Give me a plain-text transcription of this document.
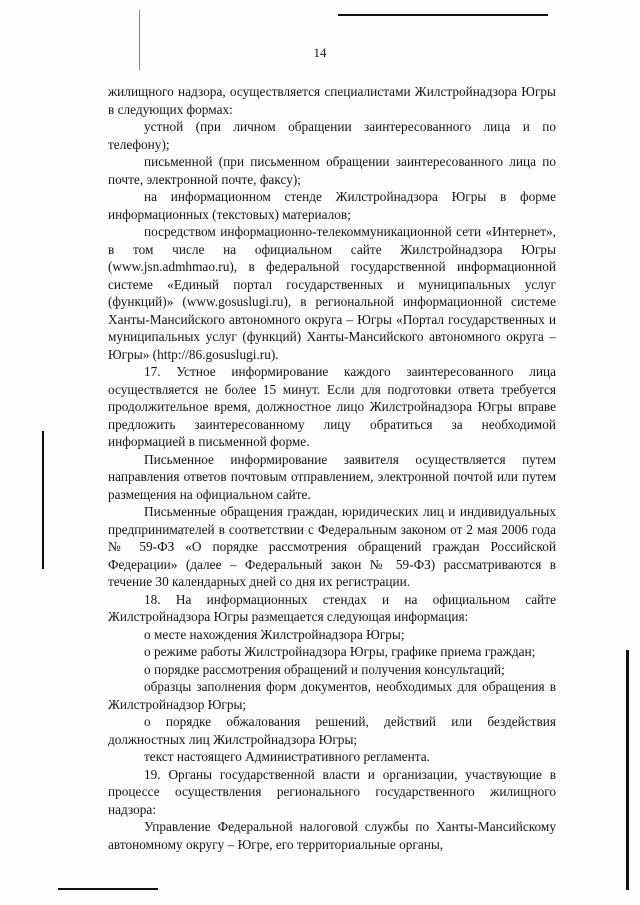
14

жилищного надзора, осуществляется специалистами Жилстройнадзора Югры в следующих формах:

устной (при личном обращении заинтересованного лица и по телефону);

письменной (при письменном обращении заинтересованного лица по почте, электронной почте, факсу);

на информационном стенде Жилстройнадзора Югры в форме информационных (текстовых) материалов;

посредством информационно-телекоммуникационной сети «Интернет», в том числе на официальном сайте Жилстройнадзора Югры (www.jsn.admhmao.ru), в федеральной государственной информационной системе «Единый портал государственных и муниципальных услуг (функций)» (www.gosuslugi.ru), в региональной информационной системе Ханты-Мансийского автономного округа – Югры «Портал государственных и муниципальных услуг (функций) Ханты-Мансийского автономного округа – Югры» (http://86.gosuslugi.ru).

17. Устное информирование каждого заинтересованного лица осуществляется не более 15 минут. Если для подготовки ответа требуется продолжительное время, должностное лицо Жилстройнадзора Югры вправе предложить заинтересованному лицу обратиться за необходимой информацией в письменной форме.

Письменное информирование заявителя осуществляется путем направления ответов почтовым отправлением, электронной почтой или путем размещения на официальном сайте.

Письменные обращения граждан, юридических лиц и индивидуальных предпринимателей в соответствии с Федеральным законом от 2 мая 2006 года № 59-ФЗ «О порядке рассмотрения обращений граждан Российской Федерации» (далее – Федеральный закон № 59-ФЗ) рассматриваются в течение 30 календарных дней со дня их регистрации.

18. На информационных стендах и на официальном сайте Жилстройнадзора Югры размещается следующая информация:

о месте нахождения Жилстройнадзора Югры;

о режиме работы Жилстройнадзора Югры, графике приема граждан;

о порядке рассмотрения обращений и получения консультаций;

образцы заполнения форм документов, необходимых для обращения в Жилстройнадзор Югры;

о порядке обжалования решений, действий или бездействия должностных лиц Жилстройнадзора Югры;

текст настоящего Административного регламента.

19. Органы государственной власти и организации, участвующие в процессе осуществления регионального государственного жилищного надзора:

Управление Федеральной налоговой службы по Ханты-Мансийскому автономному округу – Югре, его территориальные органы,
